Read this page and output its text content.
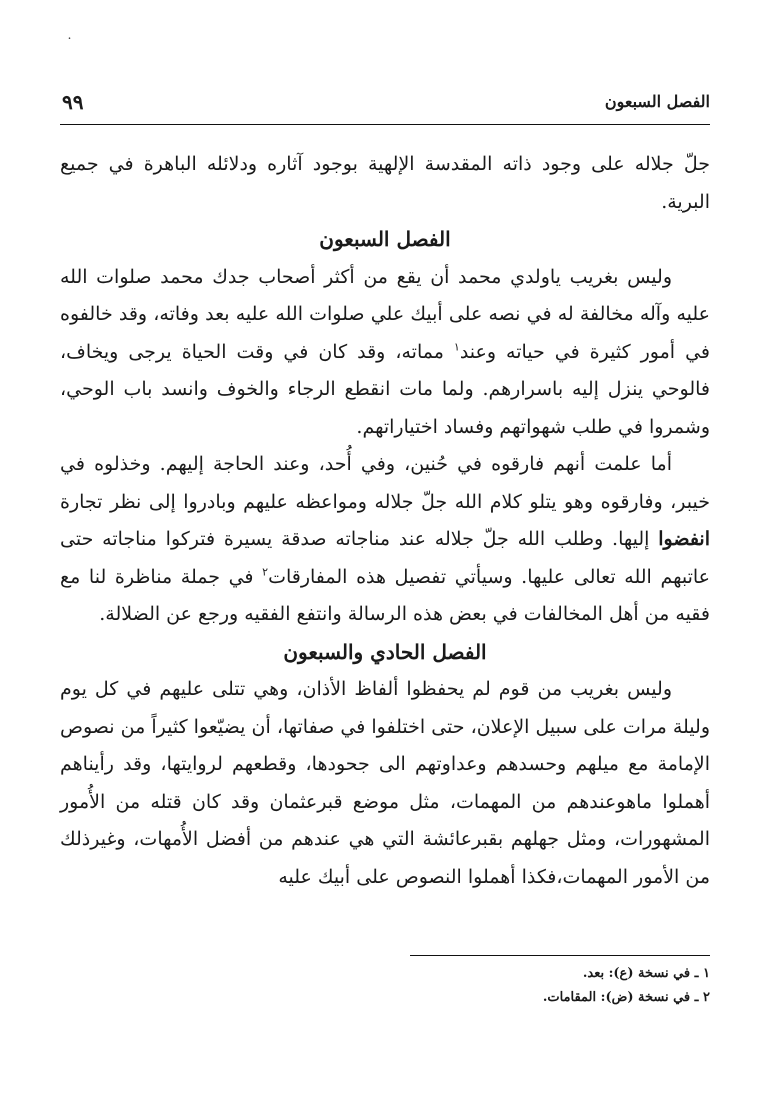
˙
الفصل السبعون
٩٩

جلّ جلاله على وجود ذاته المقدسة الإلهية بوجود آثاره ودلائله الباهرة في جميع البرية.

الفصل السبعون

وليس بغريب ياولدي محمد أن يقع من أكثر أصحاب جدك محمد صلوات الله عليه وآله مخالفة له في نصه على أبيك علي صلوات الله عليه بعد وفاته، وقد خالفوه في أمور كثيرة في حياته وعند$^١$ مماته، وقد كان في وقت الحياة يرجى ويخاف، فالوحي ينزل إليه باسرارهم. ولما مات انقطع الرجاء والخوف وانسد باب الوحي، وشمروا في طلب شهواتهم وفساد اختياراتهم.

أما علمت أنهم فارقوه في حُنين، وفي أُحد، وعند الحاجة إليهم. وخذلوه في خيبر، وفارقوه وهو يتلو كلام الله جلّ جلاله ومواعظه عليهم وبادروا إلى نظر تجارة انفضوا إليها. وطلب الله جلّ جلاله عند مناجاته صدقة يسيرة فتركوا مناجاته حتى عاتبهم الله تعالى عليها. وسيأتي تفصيل هذه المفارقات$^٢$ في جملة مناظرة لنا مع فقيه من أهل المخالفات في بعض هذه الرسالة وانتفع الفقيه ورجع عن الضلالة.

الفصل الحادي والسبعون

وليس بغريب من قوم لم يحفظوا ألفاظ الأذان، وهي تتلى عليهم في كل يوم وليلة مرات على سبيل الإعلان، حتى اختلفوا في صفاتها، أن يضيّعوا كثيراً من نصوص الإمامة مع ميلهم وحسدهم وعداوتهم الى جحودها، وقطعهم لروايتها، وقد رأيناهم أهملوا ماهوعندهم من المهمات، مثل موضع قبرعثمان وقد كان قتله من الأُمور المشهورات، ومثل جهلهم بقبرعائشة التي هي عندهم من أفضل الأُمهات، وغيرذلك من الأمور المهمات،فكذا أهملوا النصوص على أبيك عليه

١ ـ في نسخة (ع): بعد.

٢ ـ في نسخة (ض): المقامات.
